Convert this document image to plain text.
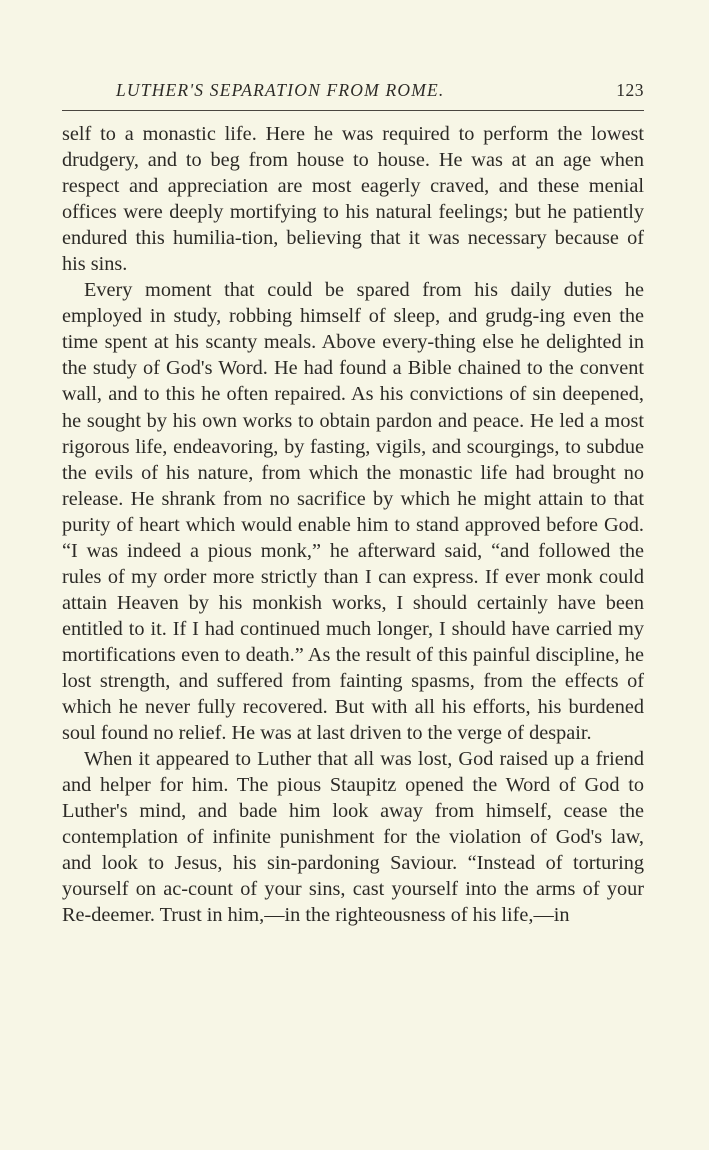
LUTHER'S SEPARATION FROM ROME.	123

self to a monastic life. Here he was required to perform the lowest drudgery, and to beg from house to house. He was at an age when respect and appreciation are most eagerly craved, and these menial offices were deeply mortifying to his natural feelings; but he patiently endured this humilia-tion, believing that it was necessary because of his sins.

Every moment that could be spared from his daily duties he employed in study, robbing himself of sleep, and grudg-ing even the time spent at his scanty meals. Above every-thing else he delighted in the study of God's Word. He had found a Bible chained to the convent wall, and to this he often repaired. As his convictions of sin deepened, he sought by his own works to obtain pardon and peace. He led a most rigorous life, endeavoring, by fasting, vigils, and scourgings, to subdue the evils of his nature, from which the monastic life had brought no release. He shrank from no sacrifice by which he might attain to that purity of heart which would enable him to stand approved before God. “I was indeed a pious monk,” he afterward said, “and followed the rules of my order more strictly than I can express. If ever monk could attain Heaven by his monkish works, I should certainly have been entitled to it. If I had continued much longer, I should have carried my mortifications even to death.” As the result of this painful discipline, he lost strength, and suffered from fainting spasms, from the effects of which he never fully recovered. But with all his efforts, his burdened soul found no relief. He was at last driven to the verge of despair.

When it appeared to Luther that all was lost, God raised up a friend and helper for him. The pious Staupitz opened the Word of God to Luther's mind, and bade him look away from himself, cease the contemplation of infinite punishment for the violation of God's law, and look to Jesus, his sin-pardoning Saviour. “Instead of torturing yourself on ac-count of your sins, cast yourself into the arms of your Re-deemer. Trust in him,—in the righteousness of his life,—in
